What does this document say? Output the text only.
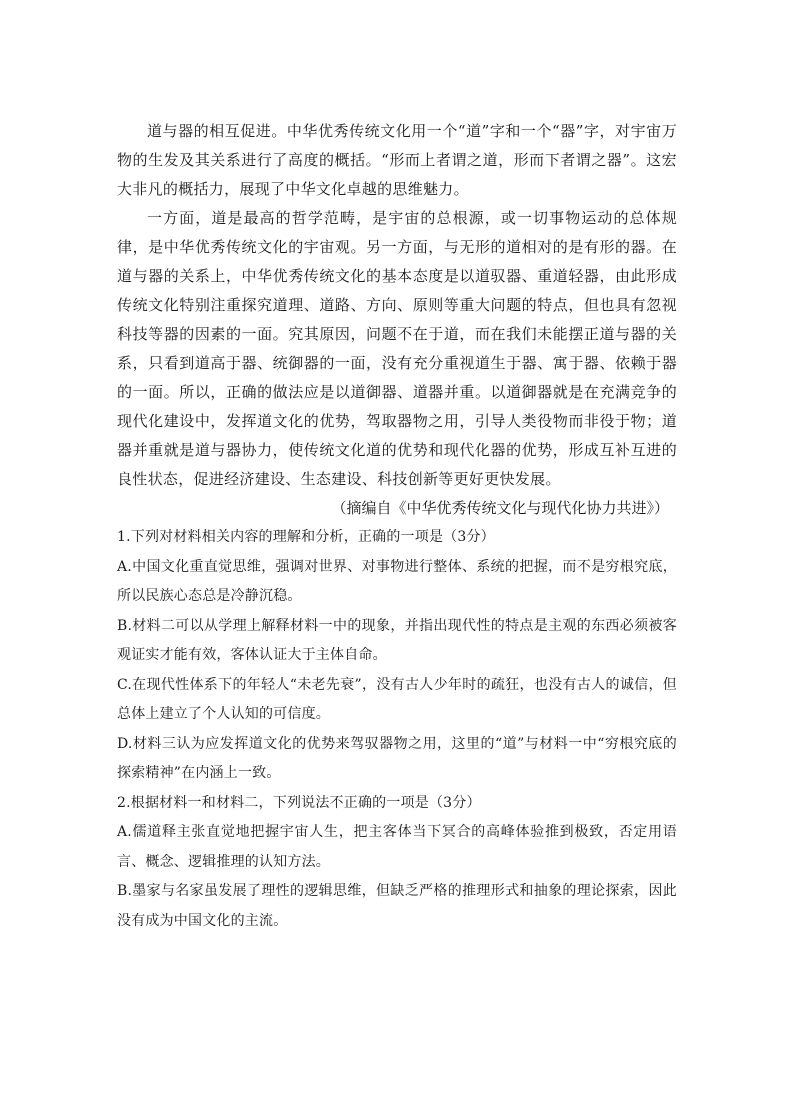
道与器的相互促进。中华优秀传统文化用一个“道”字和一个“器”字，对宇宙万物的生发及其关系进行了高度的概括。“形而上者谓之道，形而下者谓之器”。这宏大非凡的概括力，展现了中华文化卓越的思维魅力。

一方面，道是最高的哲学范畴，是宇宙的总根源，或一切事物运动的总体规律，是中华优秀传统文化的宇宙观。另一方面，与无形的道相对的是有形的器。在道与器的关系上，中华优秀传统文化的基本态度是以道驭器、重道轻器，由此形成传统文化特别注重探究道理、道路、方向、原则等重大问题的特点，但也具有忽视科技等器的因素的一面。究其原因，问题不在于道，而在我们未能摆正道与器的关系，只看到道高于器、统御器的一面，没有充分重视道生于器、寓于器、依赖于器的一面。所以，正确的做法应是以道御器、道器并重。以道御器就是在充满竞争的现代化建设中，发挥道文化的优势，驾取器物之用，引导人类役物而非役于物；道器并重就是道与器协力，使传统文化道的优势和现代化器的优势，形成互补互进的良性状态，促进经济建设、生态建设、科技创新等更好更快发展。

（摘编自《中华优秀传统文化与现代化协力共进》）

1.下列对材料相关内容的理解和分析，正确的一项是（3分）

A.中国文化重直觉思维，强调对世界、对事物进行整体、系统的把握，而不是穷根究底，所以民族心态总是冷静沉稳。

B.材料二可以从学理上解释材料一中的现象，并指出现代性的特点是主观的东西必须被客观证实才能有效，客体认证大于主体自命。

C.在现代性体系下的年轻人“未老先衰”，没有古人少年时的疏狂，也没有古人的诚信，但总体上建立了个人认知的可信度。

D.材料三认为应发挥道文化的优势来驾驭器物之用，这里的“道”与材料一中“穷根究底的探索精神”在内涵上一致。

2.根据材料一和材料二，下列说法不正确的一项是（3分）

A.儒道释主张直觉地把握宇宙人生，把主客体当下冥合的高峰体验推到极致，否定用语言、概念、逻辑推理的认知方法。

B.墨家与名家虽发展了理性的逻辑思维，但缺乏严格的推理形式和抽象的理论探索，因此没有成为中国文化的主流。
